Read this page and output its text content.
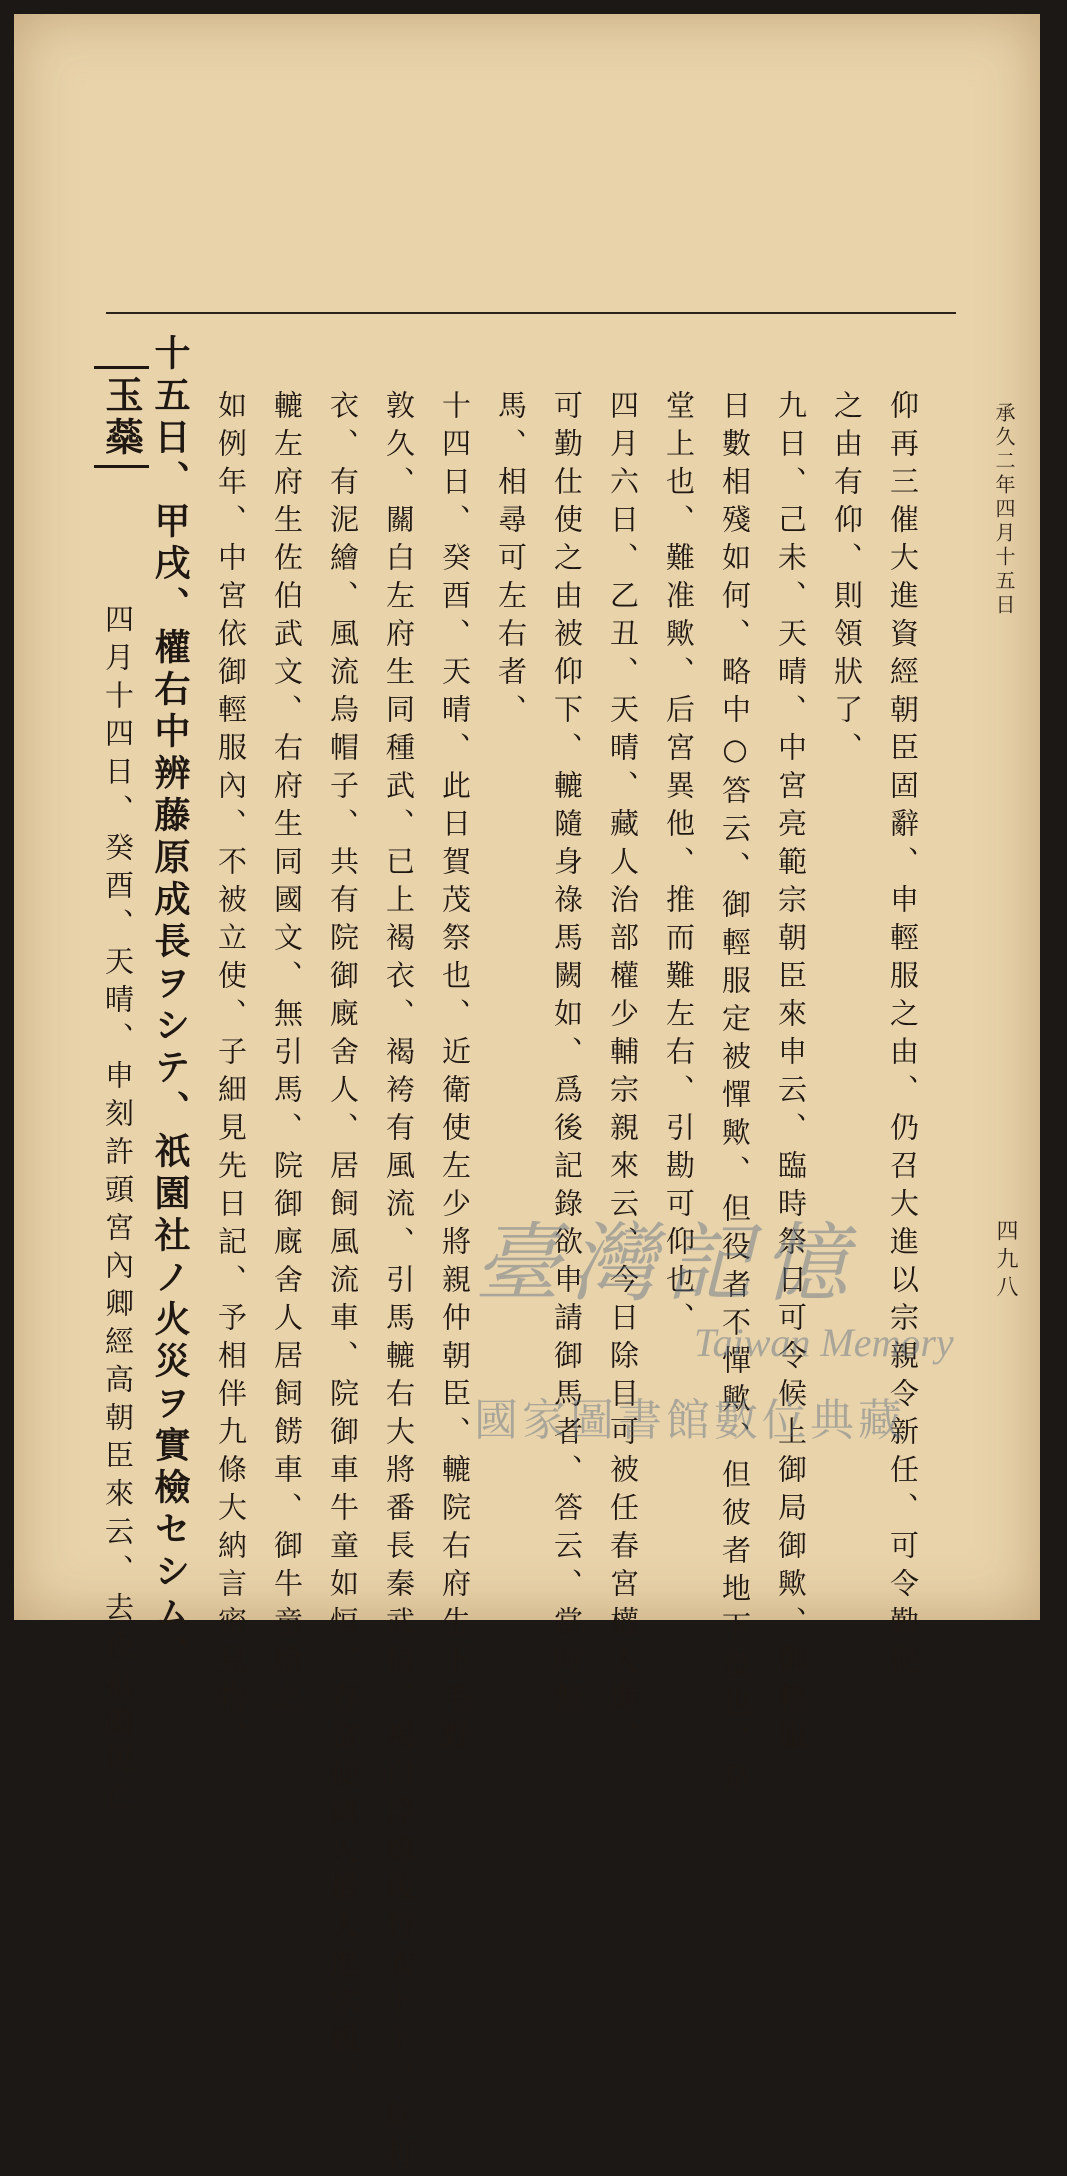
承久二年四月十五日
四九八
仰再三催大進資經朝臣固辭、申輕服之由、仍召大進以宗親令新任、可令勤使
之由有仰、則領狀了、
九日、己未、天晴、中宮亮範宗朝臣來申云、臨時祭日可令候上御局御歟、御輕服
日數相殘如何、略中○答云、御輕服定被憚歟、但役者不憚歟、但彼者地下役也、是
堂上也、難准歟、后宮異他、推而難左右、引勘可仰也、
四月六日、乙丑、天晴、藏人治部權少輔宗親來云、今日除目可被任春宮權大進、
可勤仕使之由被仰下、轆隨身祿馬闕如、爲後記錄欲申請御馬者、答云、當時無
馬、相尋可左右者、
十四日、癸酉、天晴、此日賀茂祭也、近衛使左少將親仲朝臣、轆院右府生下毛野
敦久、關白左府生同種武、已上褐衣、褐袴有風流、引馬轆右大將番長秦武信、褐白浮線綾狩衣上下、紅打
衣、有泥繪、風流烏帽子、共有院御廐舍人、居飼風流車、院御車牛童如恒、春宮使藏人權大進宗親、
轆左府生佐伯武文、右府生同國文、無引馬、院御廐舍人居飼餝車、御牛童給之
如例年、中宮依御輕服內、不被立使、子細見先日記、予相伴九條大納言密見物、
十五日、甲戌、權右中辨藤原成長ヲシテ、祇園社ノ火災ヲ實檢セシム、
玉蘂
四月十四日、癸酉、天晴、申刻許頭宮內卿經高朝臣來云、去夜祇薗燒亡	臺灣記憶
Taiwan Memory
國家圖書館數位典藏
